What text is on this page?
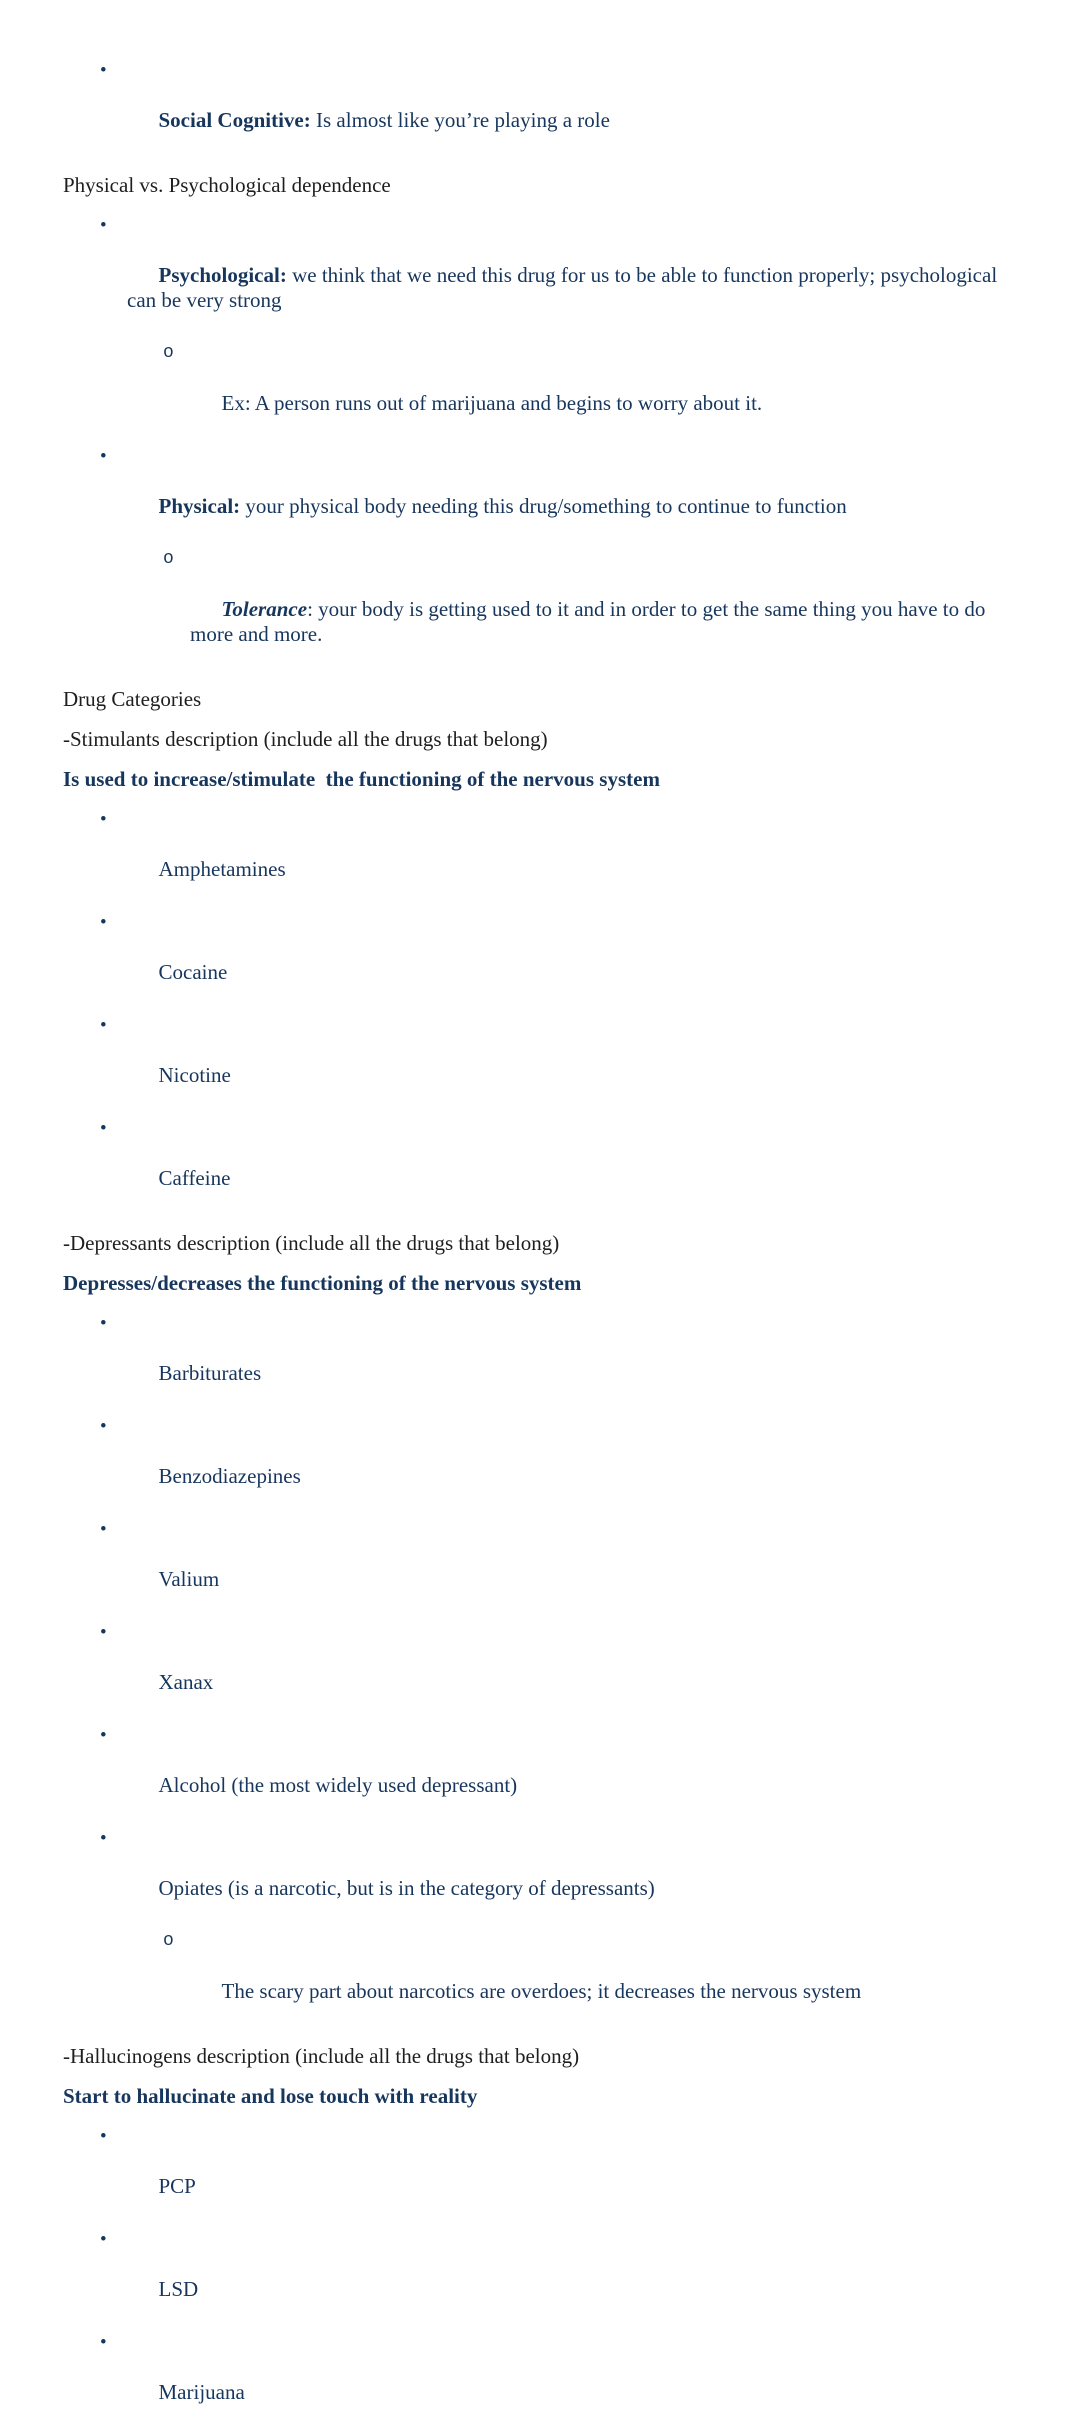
•

Social Cognitive: Is almost like you’re playing a role

Physical vs. Psychological dependence

•

Psychological: we think that we need this drug for us to be able to function properly; psychological can be very strong

o

Ex: A person runs out of marijuana and begins to worry about it.

•

Physical: your physical body needing this drug/something to continue to function

o

Tolerance: your body is getting used to it and in order to get the same thing you have to do more and more.

Drug Categories
-Stimulants description (include all the drugs that belong)
Is used to increase/stimulate  the functioning of the nervous system

•

Amphetamines

•

Cocaine

•

Nicotine

•

Caffeine

-Depressants description (include all the drugs that belong)
Depresses/decreases the functioning of the nervous system

•

Barbiturates

•

Benzodiazepines

•

Valium

•

Xanax

•

Alcohol (the most widely used depressant)

•

Opiates (is a narcotic, but is in the category of depressants)

o

The scary part about narcotics are overdoes; it decreases the nervous system

-Hallucinogens description (include all the drugs that belong)
Start to hallucinate and lose touch with reality

•

PCP

•

LSD

•

Marijuana
